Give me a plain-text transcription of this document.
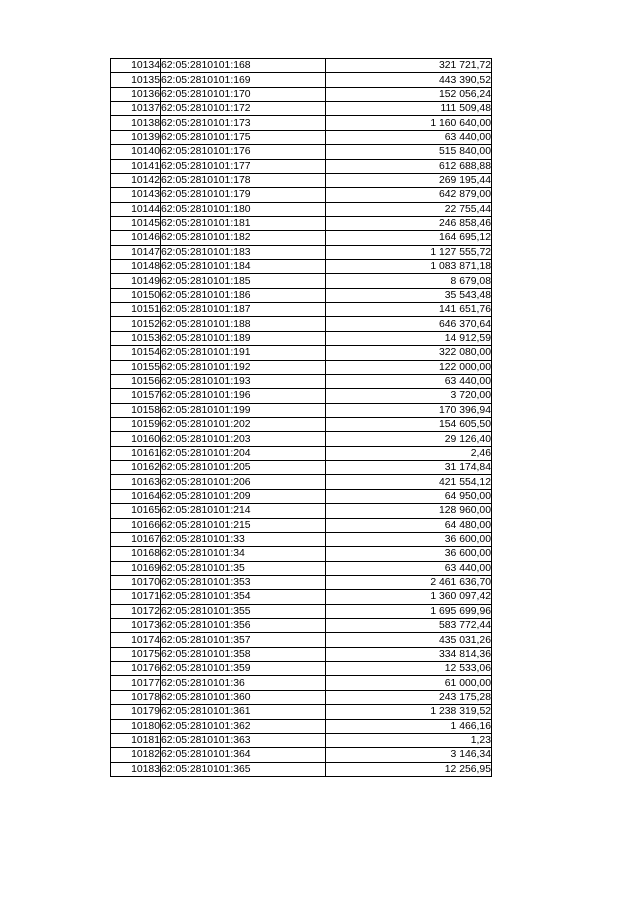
10134	62:05:2810101:168	321 721,72
10135	62:05:2810101:169	443 390,52
10136	62:05:2810101:170	152 056,24
10137	62:05:2810101:172	111 509,48
10138	62:05:2810101:173	1 160 640,00
10139	62:05:2810101:175	63 440,00
10140	62:05:2810101:176	515 840,00
10141	62:05:2810101:177	612 688,88
10142	62:05:2810101:178	269 195,44
10143	62:05:2810101:179	642 879,00
10144	62:05:2810101:180	22 755,44
10145	62:05:2810101:181	246 858,46
10146	62:05:2810101:182	164 695,12
10147	62:05:2810101:183	1 127 555,72
10148	62:05:2810101:184	1 083 871,18
10149	62:05:2810101:185	8 679,08
10150	62:05:2810101:186	35 543,48
10151	62:05:2810101:187	141 651,76
10152	62:05:2810101:188	646 370,64
10153	62:05:2810101:189	14 912,59
10154	62:05:2810101:191	322 080,00
10155	62:05:2810101:192	122 000,00
10156	62:05:2810101:193	63 440,00
10157	62:05:2810101:196	3 720,00
10158	62:05:2810101:199	170 396,94
10159	62:05:2810101:202	154 605,50
10160	62:05:2810101:203	29 126,40
10161	62:05:2810101:204	2,46
10162	62:05:2810101:205	31 174,84
10163	62:05:2810101:206	421 554,12
10164	62:05:2810101:209	64 950,00
10165	62:05:2810101:214	128 960,00
10166	62:05:2810101:215	64 480,00
10167	62:05:2810101:33	36 600,00
10168	62:05:2810101:34	36 600,00
10169	62:05:2810101:35	63 440,00
10170	62:05:2810101:353	2 461 636,70
10171	62:05:2810101:354	1 360 097,42
10172	62:05:2810101:355	1 695 699,96
10173	62:05:2810101:356	583 772,44
10174	62:05:2810101:357	435 031,26
10175	62:05:2810101:358	334 814,36
10176	62:05:2810101:359	12 533,06
10177	62:05:2810101:36	61 000,00
10178	62:05:2810101:360	243 175,28
10179	62:05:2810101:361	1 238 319,52
10180	62:05:2810101:362	1 466,16
10181	62:05:2810101:363	1,23
10182	62:05:2810101:364	3 146,34
10183	62:05:2810101:365	12 256,95
